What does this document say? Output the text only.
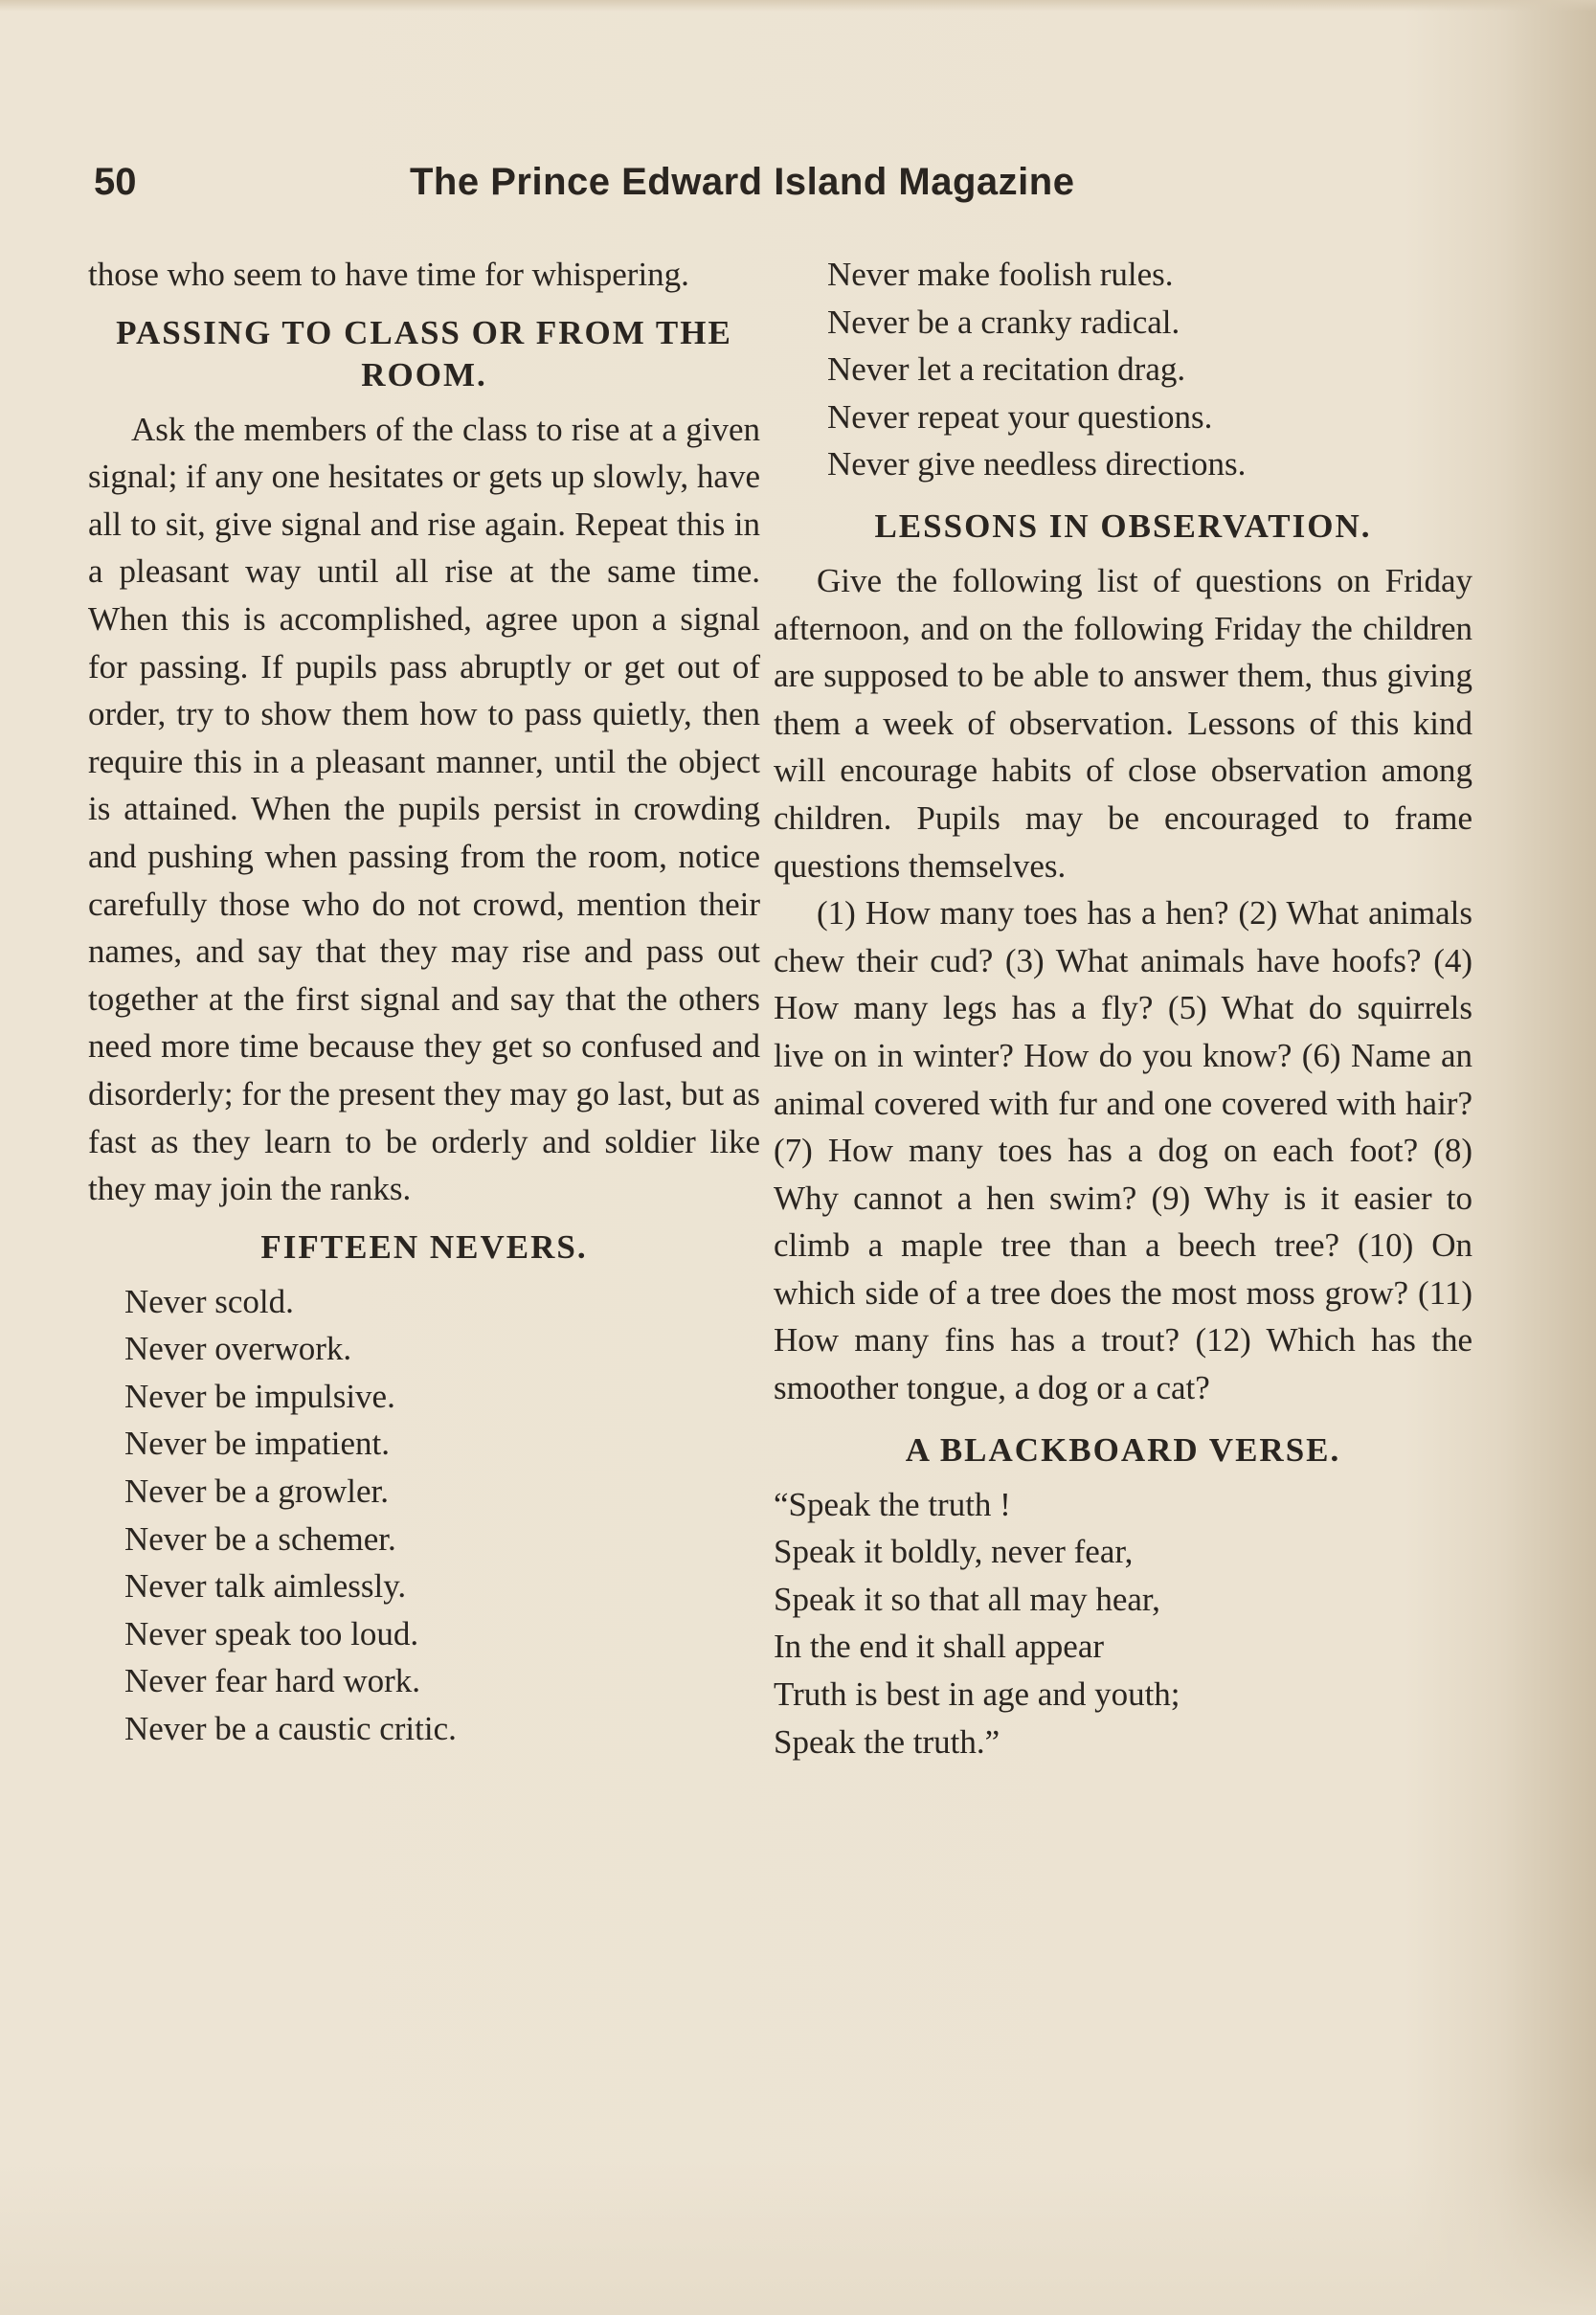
50	The Prince Edward Island Magazine

those who seem to have time for whispering.

PASSING TO CLASS OR FROM THE ROOM.

Ask the members of the class to rise at a given signal; if any one hesitates or gets up slowly, have all to sit, give signal and rise again. Repeat this in a pleasant way until all rise at the same time. When this is accomplished, agree upon a signal for passing. If pupils pass abruptly or get out of order, try to show them how to pass quietly, then require this in a pleasant manner, until the object is attained. When the pupils persist in crowding and pushing when passing from the room, notice carefully those who do not crowd, mention their names, and say that they may rise and pass out together at the first signal and say that the others need more time because they get so confused and disorderly; for the present they may go last, but as fast as they learn to be orderly and soldier like they may join the ranks.

FIFTEEN NEVERS.
Never scold.
Never overwork.
Never be impulsive.
Never be impatient.
Never be a growler.
Never be a schemer.
Never talk aimlessly.
Never speak too loud.
Never fear hard work.
Never be a caustic critic.
Never make foolish rules.
Never be a cranky radical.
Never let a recitation drag.
Never repeat your questions.
Never give needless directions.
LESSONS IN OBSERVATION.

Give the following list of questions on Friday afternoon, and on the following Friday the children are supposed to be able to answer them, thus giving them a week of observation. Lessons of this kind will encourage habits of close observation among children. Pupils may be encouraged to frame questions themselves.

(1) How many toes has a hen? (2) What animals chew their cud? (3) What animals have hoofs? (4) How many legs has a fly? (5) What do squirrels live on in winter? How do you know? (6) Name an animal covered with fur and one covered with hair? (7) How many toes has a dog on each foot? (8) Why cannot a hen swim? (9) Why is it easier to climb a maple tree than a beech tree? (10) On which side of a tree does the most moss grow? (11) How many fins has a trout? (12) Which has the smoother tongue, a dog or a cat?

A BLACKBOARD VERSE.
“Speak the truth !
Speak it boldly, never fear,
Speak it so that all may hear,
In the end it shall appear
Truth is best in age and youth;
Speak the truth.”
